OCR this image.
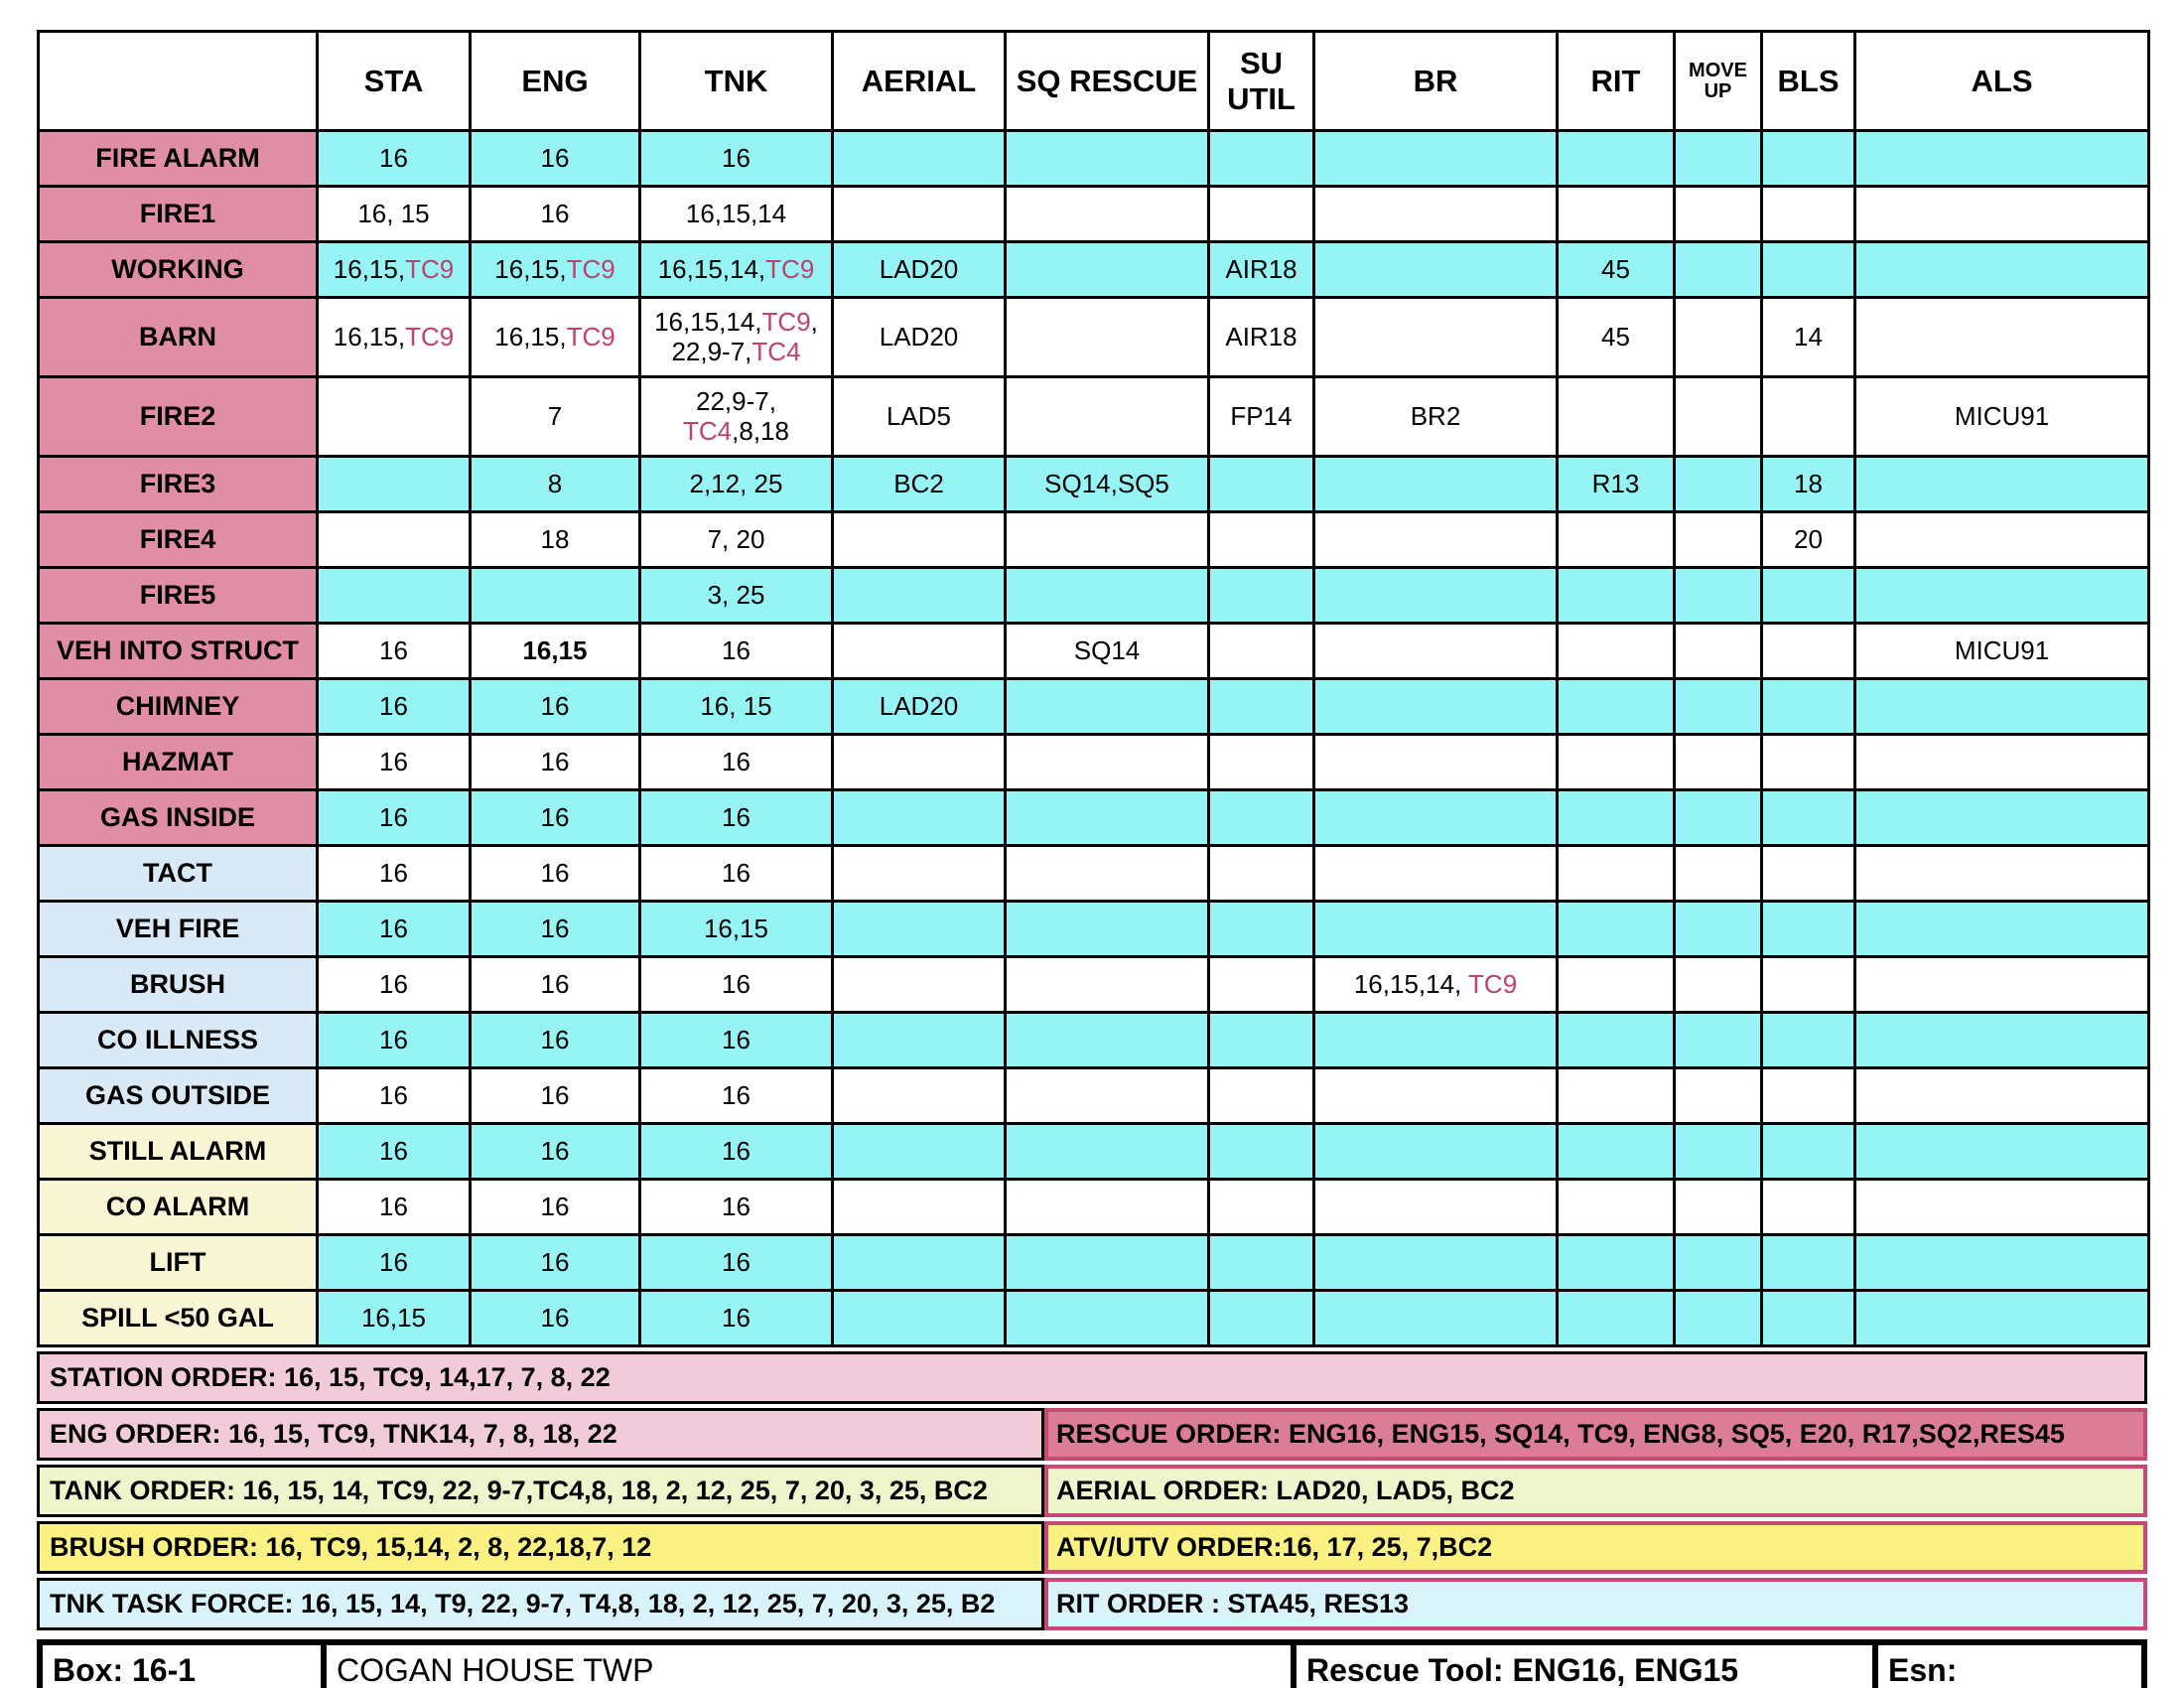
	STA	ENG	TNK	AERIAL	SQ RESCUE	SU UTIL	BR	RIT	MOVE UP	BLS	ALS
FIRE ALARM	16	16	16								
FIRE1	16, 15	16	16,15,14								
WORKING	16,15,TC9	16,15,TC9	16,15,14,TC9	LAD20		AIR18		45			
BARN	16,15,TC9	16,15,TC9	16,15,14,TC9,
22,9-7,TC4	LAD20		AIR18		45		14	
FIRE2		7	22,9-7,
TC4,8,18	LAD5		FP14	BR2				MICU91
FIRE3		8	2,12, 25	BC2	SQ14,SQ5			R13		18	
FIRE4		18	7, 20							20	
FIRE5			3, 25								
VEH INTO STRUCT	16	16,15	16		SQ14						MICU91
CHIMNEY	16	16	16, 15	LAD20							
HAZMAT	16	16	16								
GAS INSIDE	16	16	16								
TACT	16	16	16								
VEH FIRE	16	16	16,15								
BRUSH	16	16	16				16,15,14, TC9				
CO ILLNESS	16	16	16								
GAS OUTSIDE	16	16	16								
STILL ALARM	16	16	16								
CO ALARM	16	16	16								
LIFT	16	16	16								
SPILL <50 GAL	16,15	16	16								
STATION ORDER: 16, 15, TC9, 14,17, 7, 8, 22
ENG ORDER: 16, 15, TC9, TNK14, 7, 8, 18, 22
TANK ORDER: 16, 15, 14, TC9, 22, 9-7,TC4,8, 18, 2, 12, 25, 7, 20, 3, 25, BC2
BRUSH ORDER: 16, TC9, 15,14, 2, 8, 22,18,7, 12
TNK TASK FORCE: 16, 15, 14, T9, 22, 9-7, T4,8, 18, 2, 12, 25, 7, 20, 3, 25, B2
RESCUE ORDER: ENG16, ENG15, SQ14, TC9, ENG8, SQ5, E20, R17,SQ2,RES45
AERIAL ORDER: LAD20, LAD5, BC2
ATV/UTV ORDER:16, 17, 25, 7,BC2
RIT ORDER : STA45, RES13
Box: 16-1	COGAN HOUSE TWP	Rescue Tool: ENG16, ENG15	Esn:
